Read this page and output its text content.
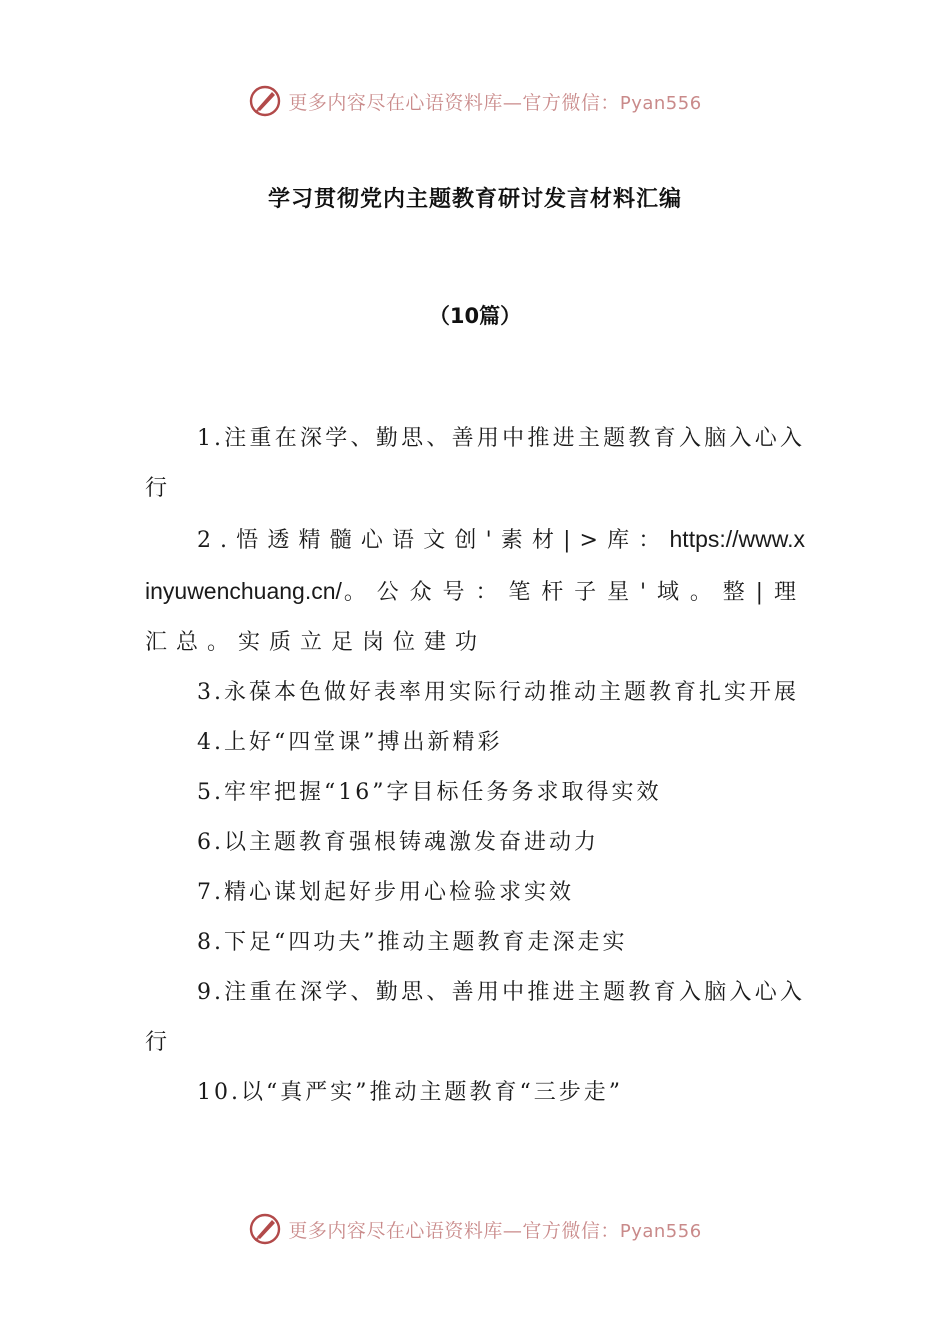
更多内容尽在心语资料库—官方微信：Pyan556
学习贯彻党内主题教育研讨发言材料汇编
（10篇）

1.注重在深学、勤思、善用中推进主题教育入脑入心入行

2.悟透精髓心语文创'素材|>库：https://www.xinyuwenchuang.cn/。公众号：笔杆子星'域。整|理汇总。实质立足岗位建功

3.永葆本色做好表率用实际行动推动主题教育扎实开展

4.上好“四堂课”搏出新精彩

5.牢牢把握“16”字目标任务务求取得实效

6.以主题教育强根铸魂激发奋进动力

7.精心谋划起好步用心检验求实效

8.下足“四功夫”推动主题教育走深走实

9.注重在深学、勤思、善用中推进主题教育入脑入心入行

10.以“真严实”推动主题教育“三步走”

更多内容尽在心语资料库—官方微信：Pyan556
